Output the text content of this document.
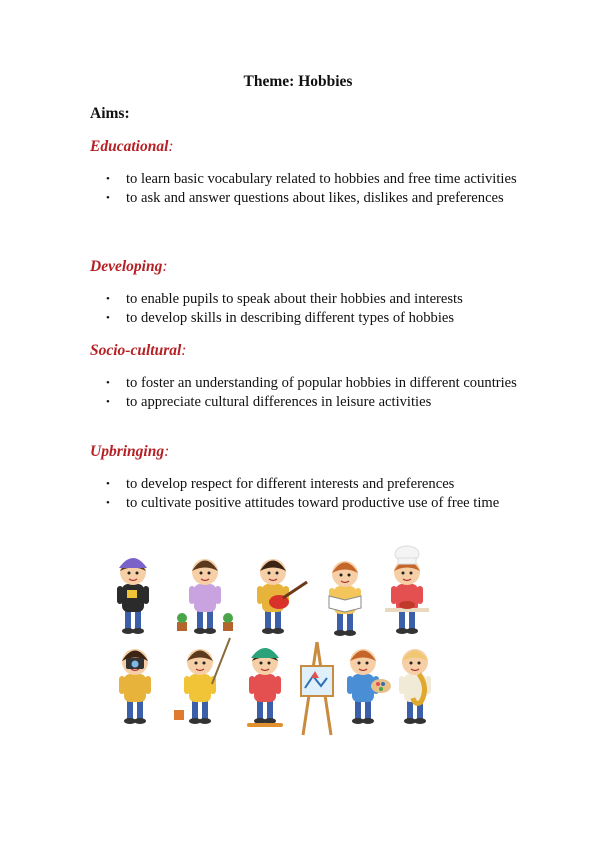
Theme: Hobbies
Aims:
Educational:
• to learn basic vocabulary related to hobbies and free time activities
• to ask and answer questions about likes, dislikes and preferences
Developing:
• to enable pupils to speak about their hobbies and interests
• to develop skills in describing different types of hobbies
Socio-cultural:
• to foster an understanding of popular hobbies in different countries
• to appreciate cultural differences in leisure activities
Upbringing:
• to develop respect for different interests and preferences
• to cultivate positive attitudes toward productive use of free time
